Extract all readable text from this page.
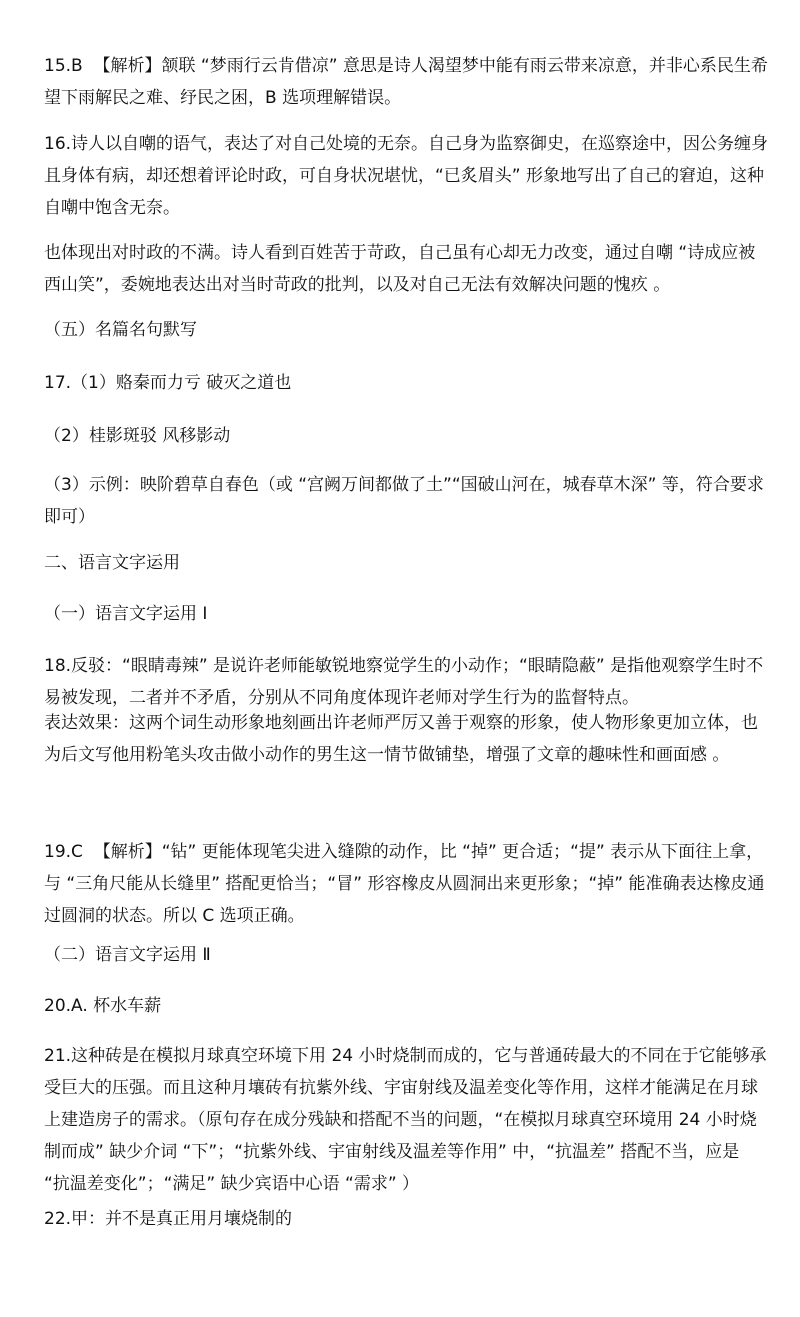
15.B  【解析】颔联 “梦雨行云肯借凉” 意思是诗人渴望梦中能有雨云带来凉意，并非心系民生希望下雨解民之难、纾民之困，B 选项理解错误。

16.诗人以自嘲的语气，表达了对自己处境的无奈。自己身为监察御史，在巡察途中，因公务缠身且身体有病，却还想着评论时政，可自身状况堪忧，“已炙眉头” 形象地写出了自己的窘迫，这种自嘲中饱含无奈。

也体现出对时政的不满。诗人看到百姓苦于苛政，自己虽有心却无力改变，通过自嘲 “诗成应被西山笑”，委婉地表达出对当时苛政的批判，以及对自己无法有效解决问题的愧疚 。

（五）名篇名句默写

17.（1）赂秦而力亏 破灭之道也

（2）桂影斑驳 风移影动

（3）示例：映阶碧草自春色（或 “宫阙万间都做了土”“国破山河在，城春草木深” 等，符合要求即可）

二、语言文字运用

（一）语言文字运用 Ⅰ

18.反驳：“眼睛毒辣” 是说许老师能敏锐地察觉学生的小动作；“眼睛隐蔽” 是指他观察学生时不易被发现，二者并不矛盾，分别从不同角度体现许老师对学生行为的监督特点。

表达效果：这两个词生动形象地刻画出许老师严厉又善于观察的形象，使人物形象更加立体，也为后文写他用粉笔头攻击做小动作的男生这一情节做铺垫，增强了文章的趣味性和画面感 。

19.C  【解析】“钻” 更能体现笔尖进入缝隙的动作，比 “掉” 更合适；“提” 表示从下面往上拿，与 “三角尺能从长缝里” 搭配更恰当；“冒” 形容橡皮从圆洞出来更形象；“掉” 能准确表达橡皮通过圆洞的状态。所以 C 选项正确。

（二）语言文字运用 Ⅱ

20.A. 杯水车薪

21.这种砖是在模拟月球真空环境下用 24 小时烧制而成的，它与普通砖最大的不同在于它能够承受巨大的压强。而且这种月壤砖有抗紫外线、宇宙射线及温差变化等作用，这样才能满足在月球上建造房子的需求。（原句存在成分残缺和搭配不当的问题，“在模拟月球真空环境用 24 小时烧制而成” 缺少介词 “下”；“抗紫外线、宇宙射线及温差等作用” 中，“抗温差” 搭配不当，应是 “抗温差变化”；“满足” 缺少宾语中心语 “需求” ）

22.甲：并不是真正用月壤烧制的
